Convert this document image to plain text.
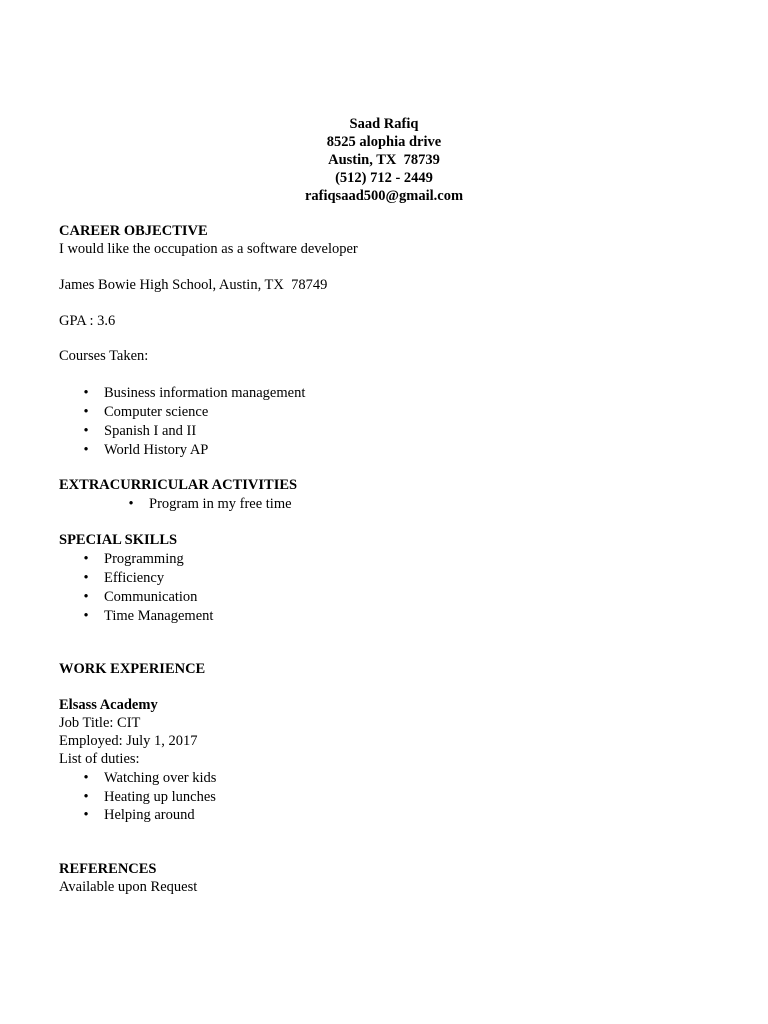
Saad Rafiq
8525 alophia drive
Austin, TX  78739
(512) 712 - 2449
rafiqsaad500@gmail.com
CAREER OBJECTIVE
I would like the occupation as a software developer
James Bowie High School, Austin, TX  78749
GPA : 3.6
Courses Taken:
• Business information management
• Computer science
• Spanish I and II
• World History AP
EXTRACURRICULAR ACTIVITIES
• Program in my free time
SPECIAL SKILLS
• Programming
• Efficiency
• Communication
• Time Management
WORK EXPERIENCE
Elsass Academy
Job Title: CIT
Employed: July 1, 2017
List of duties:
• Watching over kids
• Heating up lunches
• Helping around
REFERENCES
Available upon Request
